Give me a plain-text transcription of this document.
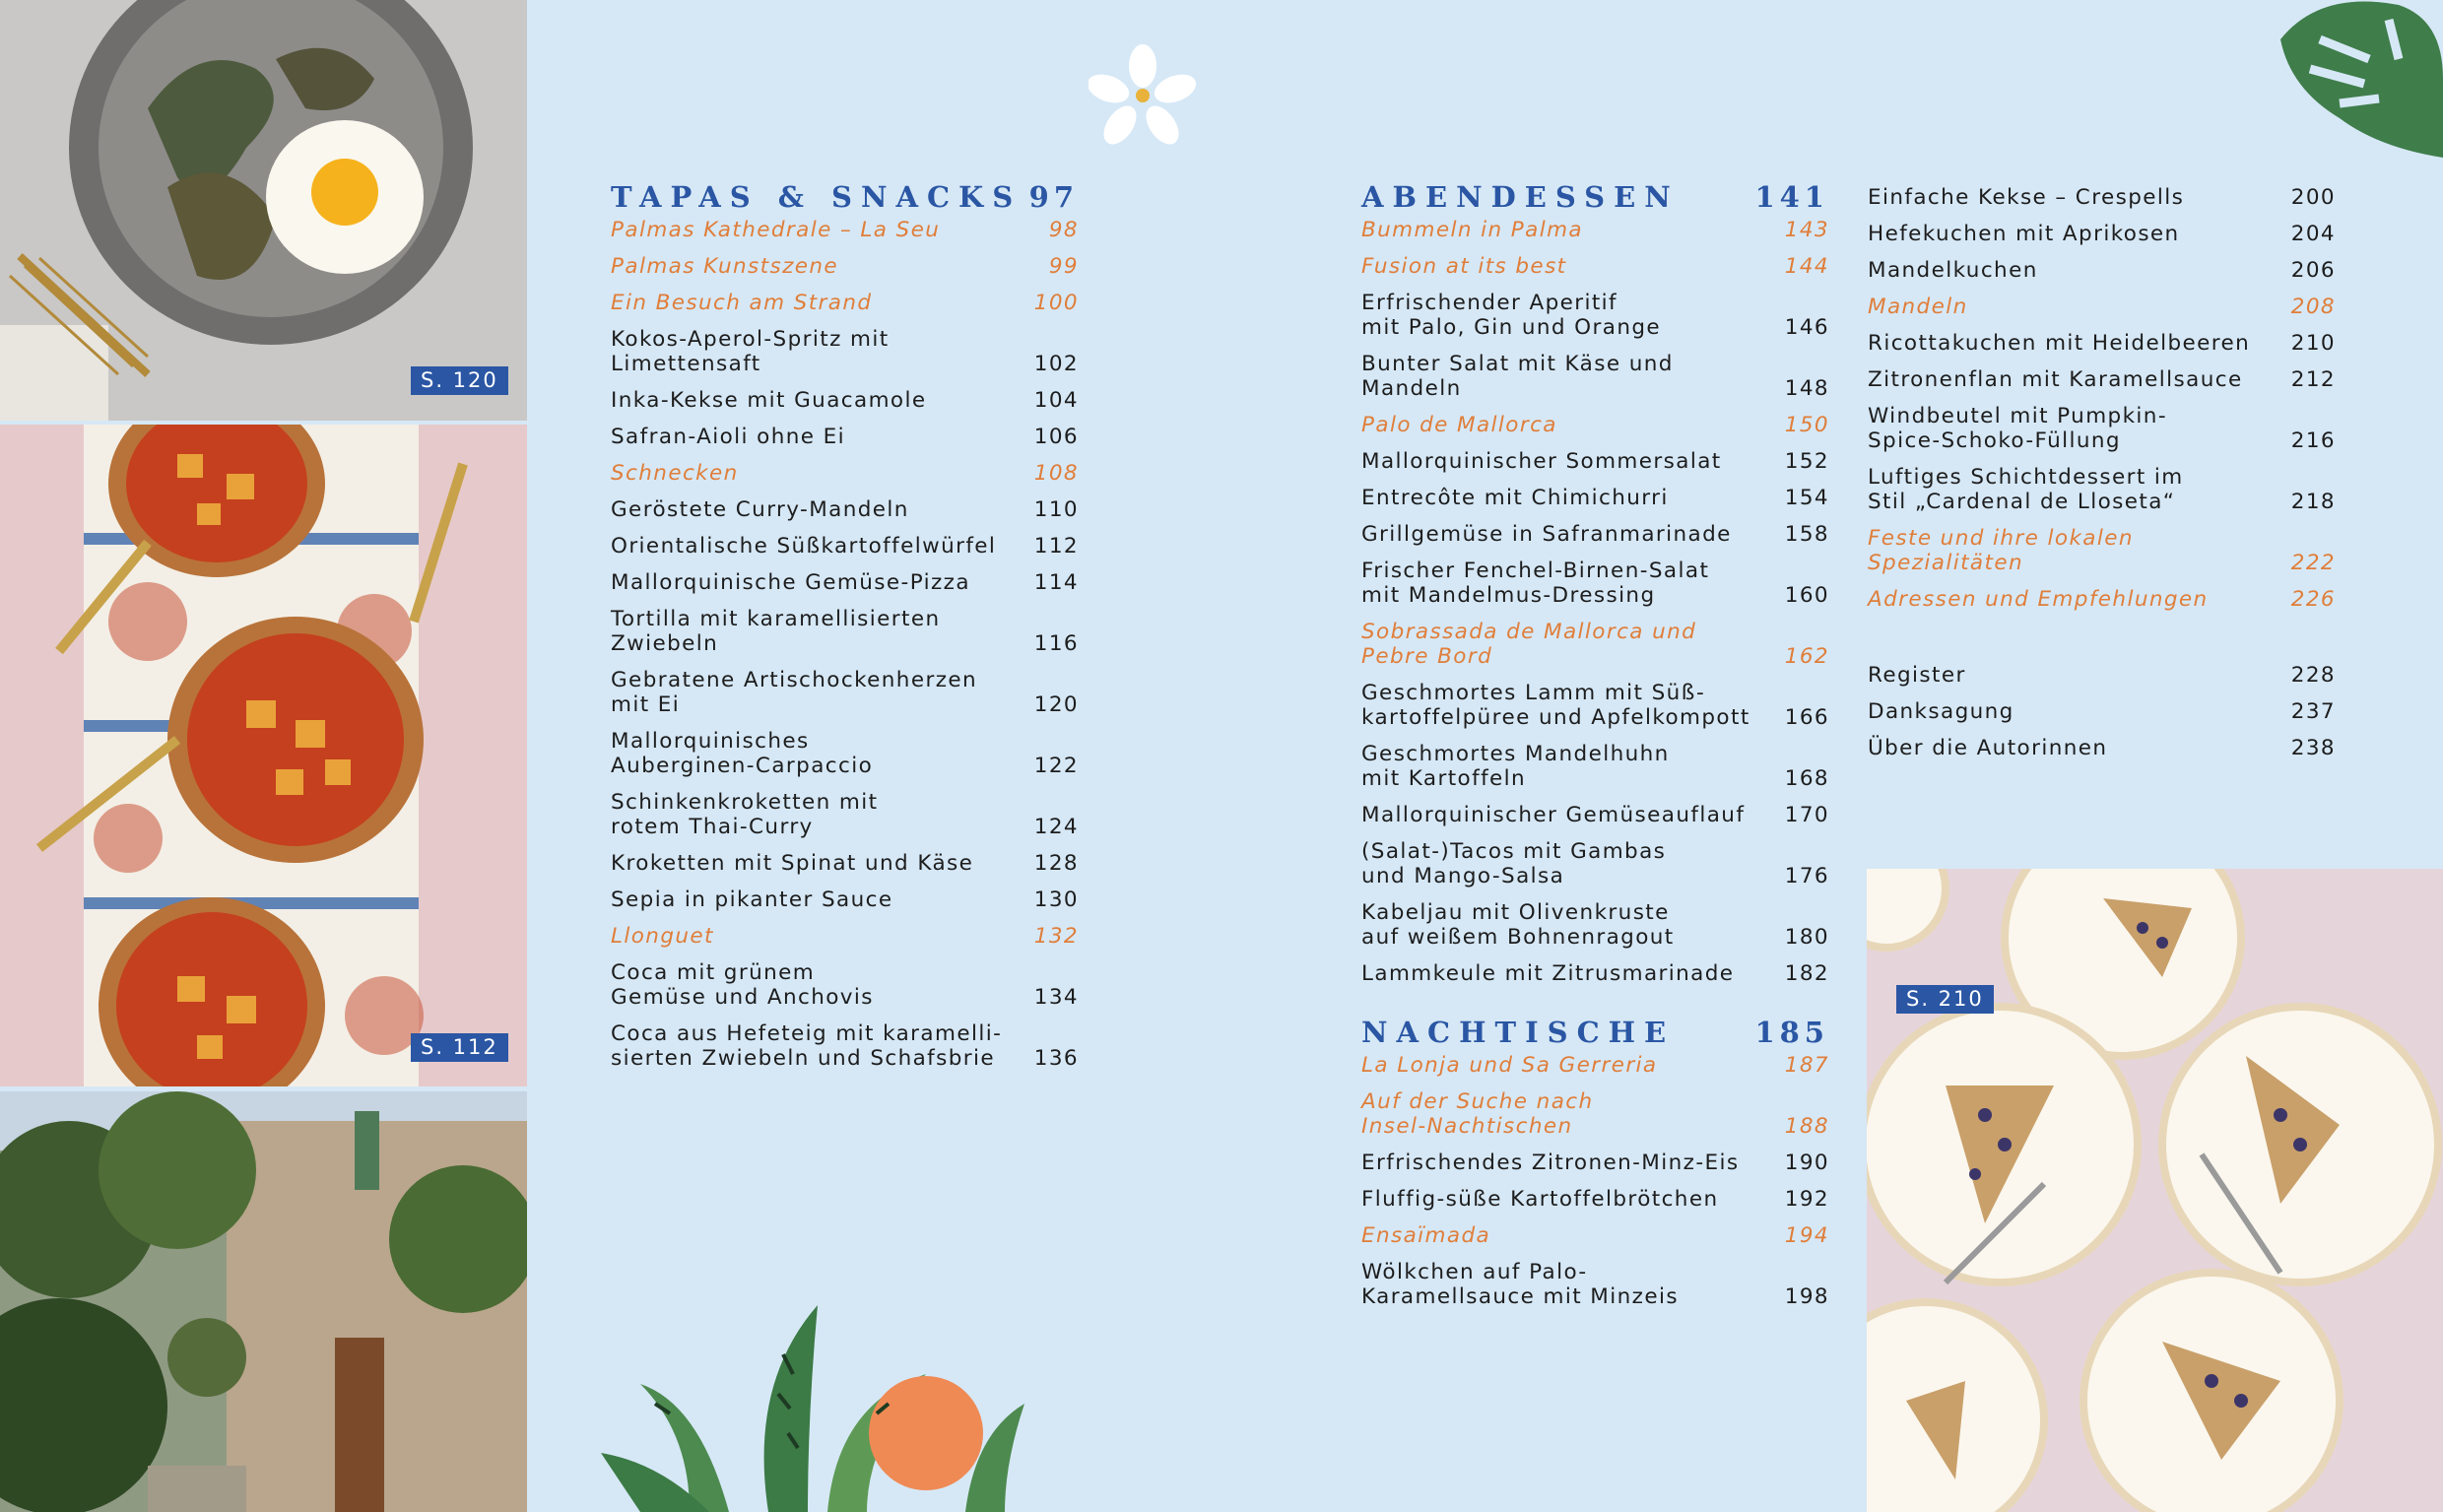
S. 120
S. 112
S. 210
TAPAS & SNACKS 97
Palmas Kathedrale – La Seu	98
Palmas Kunstszene	99
Ein Besuch am Strand	100
Kokos-Aperol-Spritz mit
Limettensaft	102
Inka-Kekse mit Guacamole	104
Safran-Aioli ohne Ei	106
Schnecken	108
Geröstete Curry-Mandeln	110
Orientalische Süßkartoffelwürfel 112
Mallorquinische Gemüse-Pizza	114
Tortilla mit karamellisierten
Zwiebeln	116
Gebratene Artischockenherzen
mit Ei	120
Mallorquinisches
Auberginen-Carpaccio	122
Schinkenkroketten mit
rotem Thai-Curry	124
Kroketten mit Spinat und Käse	128
Sepia in pikanter Sauce	130
Llonguet	132
Coca mit grünem
Gemüse und Anchovis	134
Coca aus Hefeteig mit karamelli-
sierten Zwiebeln und Schafsbrie	136
ABENDESSEN	141
Bummeln in Palma	143
Fusion at its best	144
Erfrischender Aperitif
mit Palo, Gin und Orange	146
Bunter Salat mit Käse und Mandeln	148
Palo de Mallorca	150
Mallorquinischer Sommersalat	152
Entrecôte mit Chimichurri	154
Grillgemüse in Safranmarinade	158
Frischer Fenchel-Birnen-Salat
mit Mandelmus-Dressing	160
Sobrassada de Mallorca und
Pebre Bord	162
Geschmortes Lamm mit Süß-
kartoffelpüree und Apfelkompott 166
Geschmortes Mandelhuhn
mit Kartoffeln	168
Mallorquinischer Gemüseauflauf 170
(Salat-)Tacos mit Gambas
und Mango-Salsa	176
Kabeljau mit Olivenkruste
auf weißem Bohnenragout	180
Lammkeule mit Zitrusmarinade 182
NACHTISCHE	185
La Lonja und Sa Gerreria	187
Auf der Suche nach
Insel-Nachtischen	188
Erfrischendes Zitronen-Minz-Eis 190
Fluffig-süße Kartoffelbrötchen	192
Ensaïmada	194
Wölkchen auf Palo-
Karamellsauce mit Minzeis	198
Einfache Kekse – Crespells	200
Hefekuchen mit Aprikosen	204
Mandelkuchen	206
Mandeln	208
Ricottakuchen mit Heidelbeeren 210
Zitronenflan mit Karamellsauce 212
Windbeutel mit Pumpkin-
Spice-Schoko-Füllung	216
Luftiges Schichtdessert im
Stil „Cardenal de Lloseta“	218
Feste und ihre lokalen
Spezialitäten	222
Adressen und Empfehlungen	226
Register	228
Danksagung	237
Über die Autorinnen	238
